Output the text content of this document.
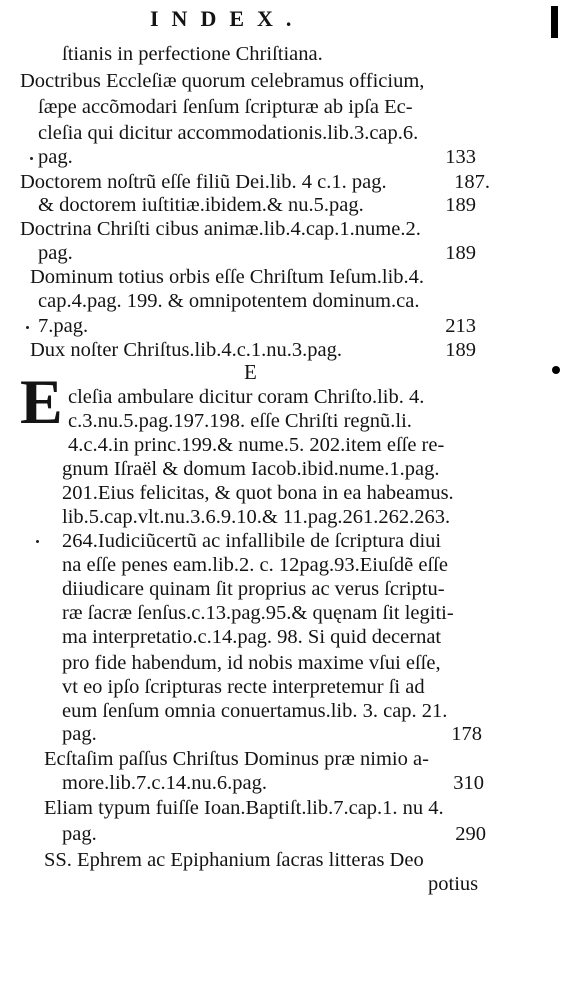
INDEX.
E	E
ſtianis in perfectione Chriſtiana.
Doctribus Eccleſiæ quorum celebramus officium,
ſæpe accõmodari ſenſum ſcripturæ ab ipſa Ec-
cleſia qui dicitur accommodationis.lib.3.cap.6.
pag.	133
Doctorem noſtrũ eſſe filiũ Dei.lib. 4 c.1. pag.	187.
& doctorem iuſtitiæ.ibidem.& nu.5.pag.	189
Doctrina Chriſti cibus animæ.lib.4.cap.1.nume.2.
pag.	189
Dominum totius orbis eſſe Chriſtum Ieſum.lib.4.
cap.4.pag. 199. & omnipotentem dominum.ca.
7.pag.	213
Dux noſter Chriſtus.lib.4.c.1.nu.3.pag.	189
cleſia ambulare dicitur coram Chriſto.lib. 4.
c.3.nu.5.pag.197.198. eſſe Chriſti regnũ.li.
4.c.4.in princ.199.& nume.5. 202.item eſſe re-
gnum Iſraël & domum Iacob.ibid.nume.1.pag.
201.Eius felicitas, & quot bona in ea habeamus.
lib.5.cap.vlt.nu.3.6.9.10.& 11.pag.261.262.263.
264.Iudiciũcertũ ac infallibile de ſcriptura diui
na eſſe penes eam.lib.2. c. 12pag.93.Eiuſdẽ eſſe
diiudicare quinam ſit proprius ac verus ſcriptu-
ræ ſacræ ſenſus.c.13.pag.95.& quęnam ſit legiti-
ma interpretatio.c.14.pag. 98. Si quid decernat
pro fide habendum, id nobis maxime vſui eſſe,
vt eo ipſo ſcripturas recte interpretemur ſi ad
eum ſenſum omnia conuertamus.lib. 3. cap. 21.
pag.	178
Ecſtaſim paſſus Chriſtus Dominus præ nimio a-
more.lib.7.c.14.nu.6.pag.	310
Eliam typum fuiſſe Ioan.Baptiſt.lib.7.cap.1. nu 4.
pag.	290
SS. Ephrem ac Epiphanium ſacras litteras Deo
potius
